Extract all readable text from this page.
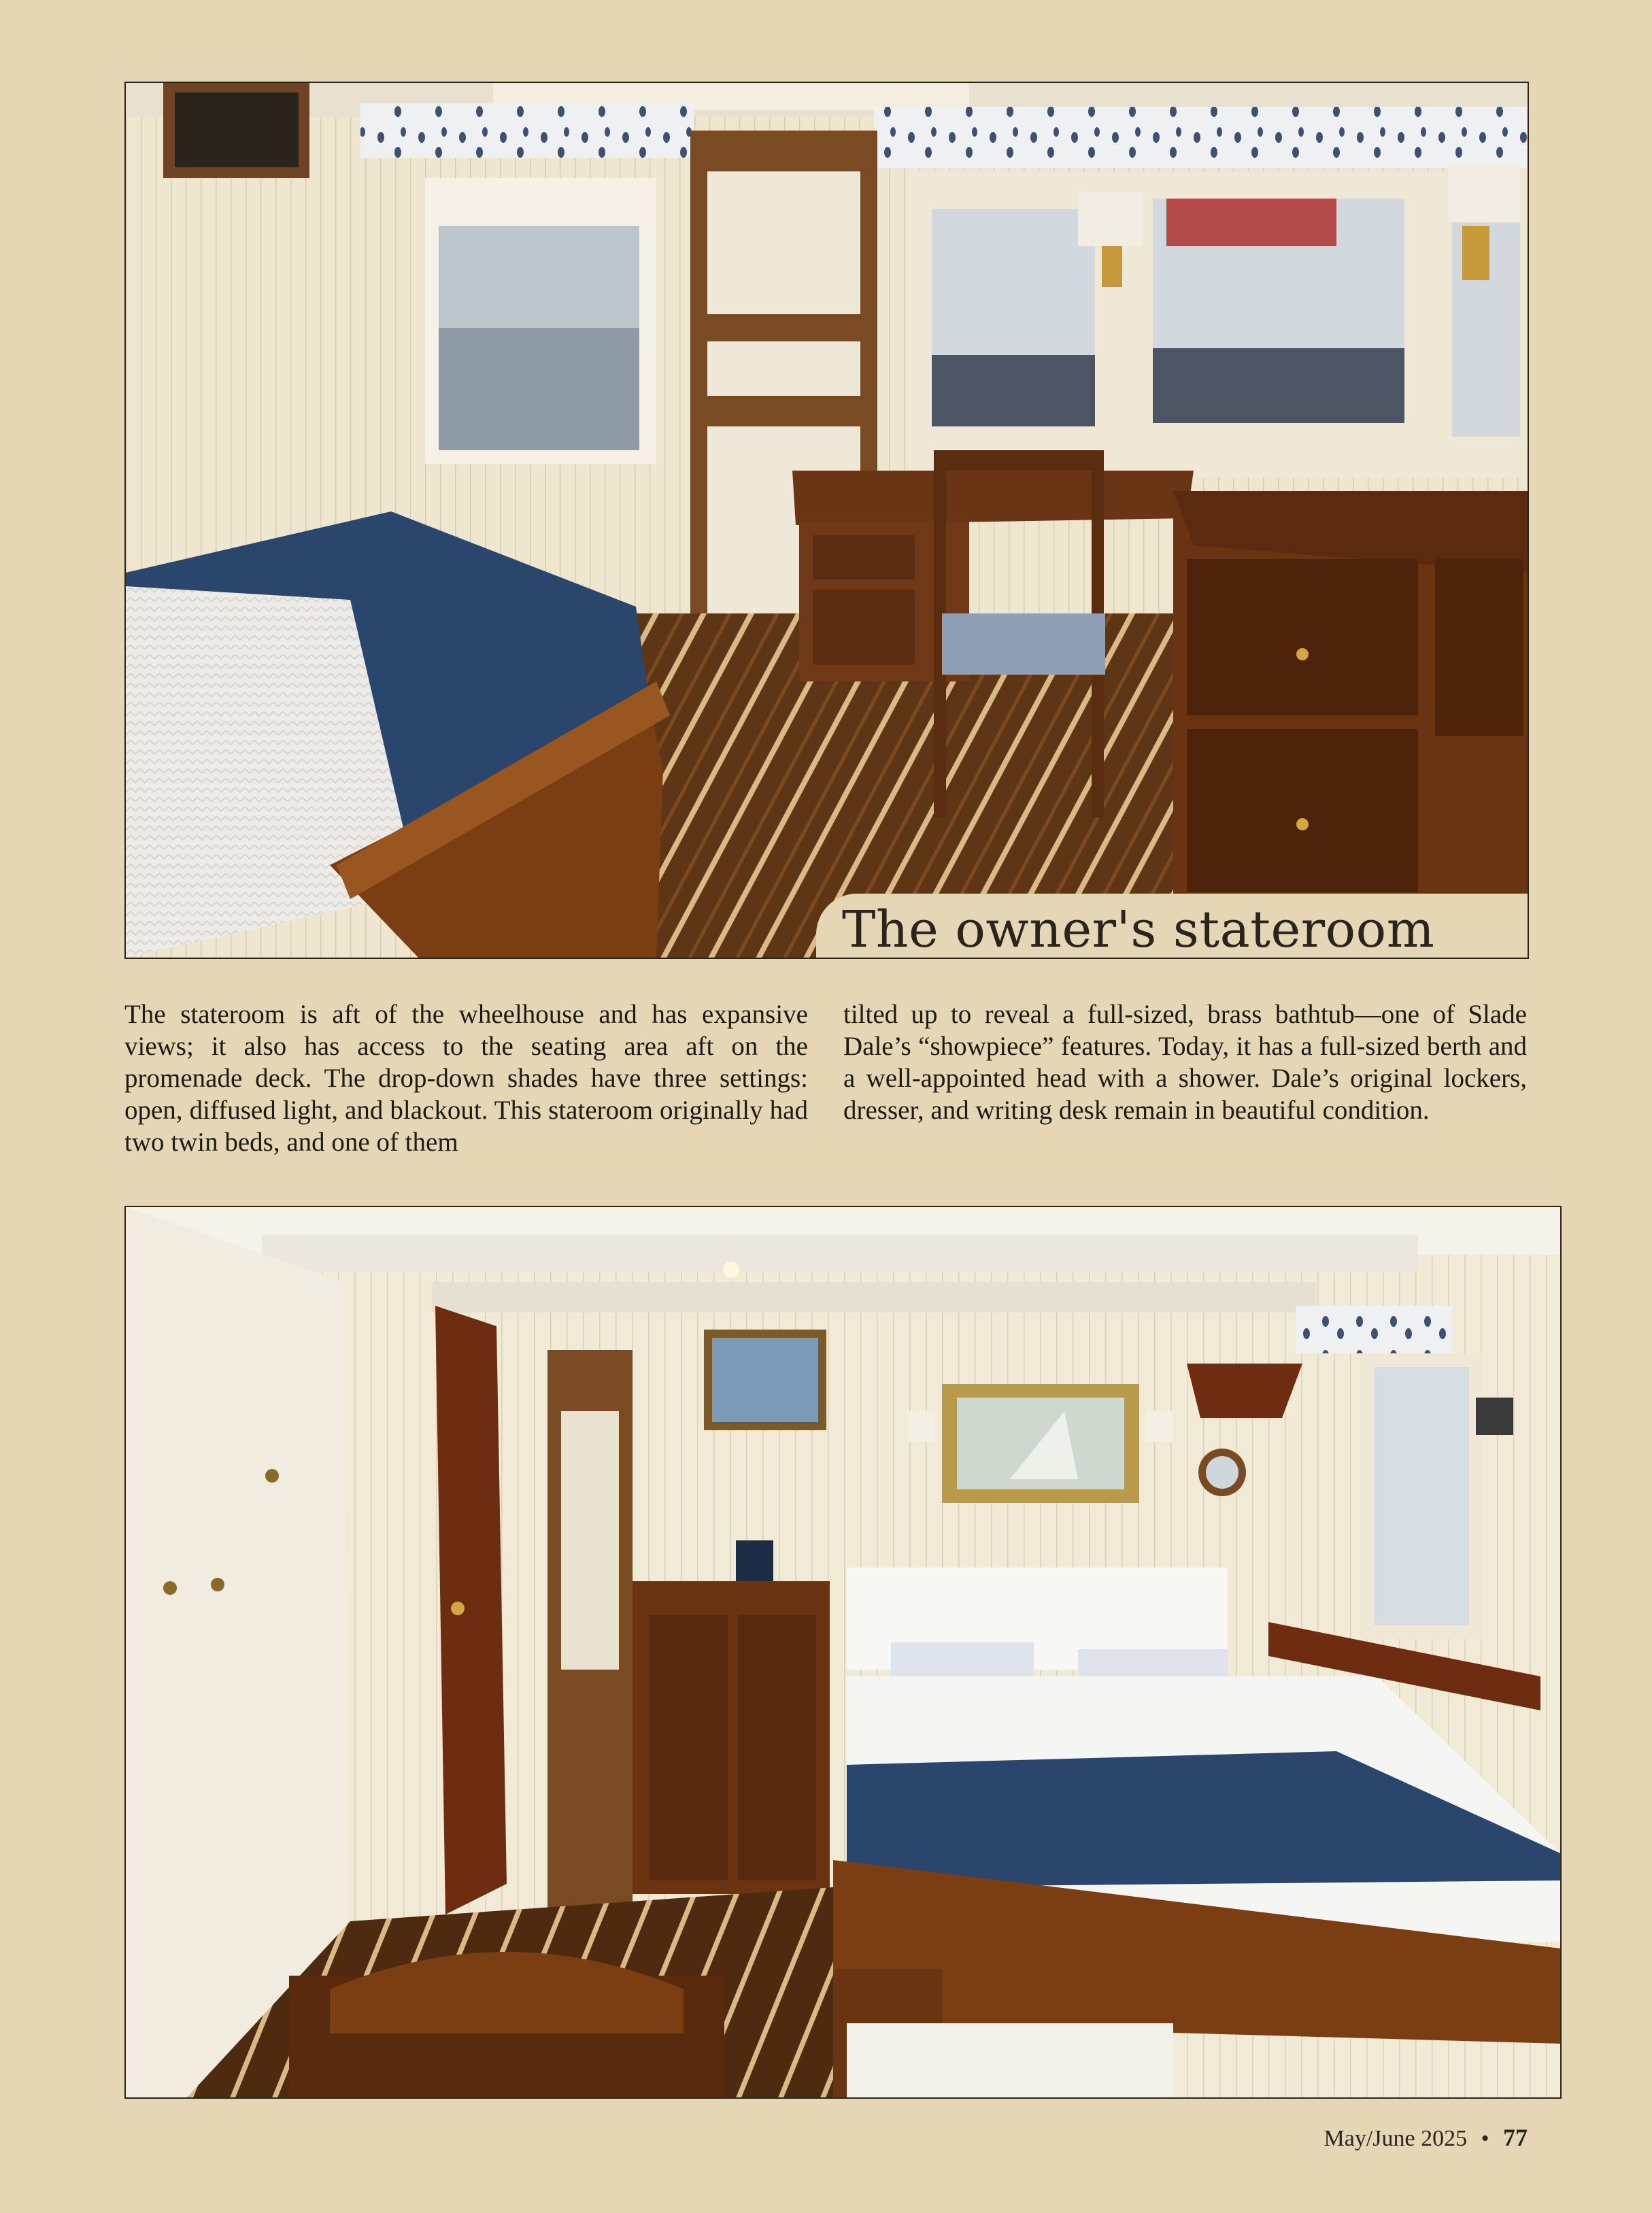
The owner's stateroom

The stateroom is aft of the wheelhouse and has expansive views; it also has access to the seating area aft on the promenade deck. The drop-down shades have three settings: open, diffused light, and blackout. This stateroom originally had two twin beds, and one of them

tilted up to reveal a full-sized, brass bathtub—one of Slade Dale’s “showpiece” features. Today, it has a full-sized berth and a well-appointed head with a shower. Dale’s original lockers, dresser, and writing desk remain in beautiful condition.

May/June 2025 • 77
